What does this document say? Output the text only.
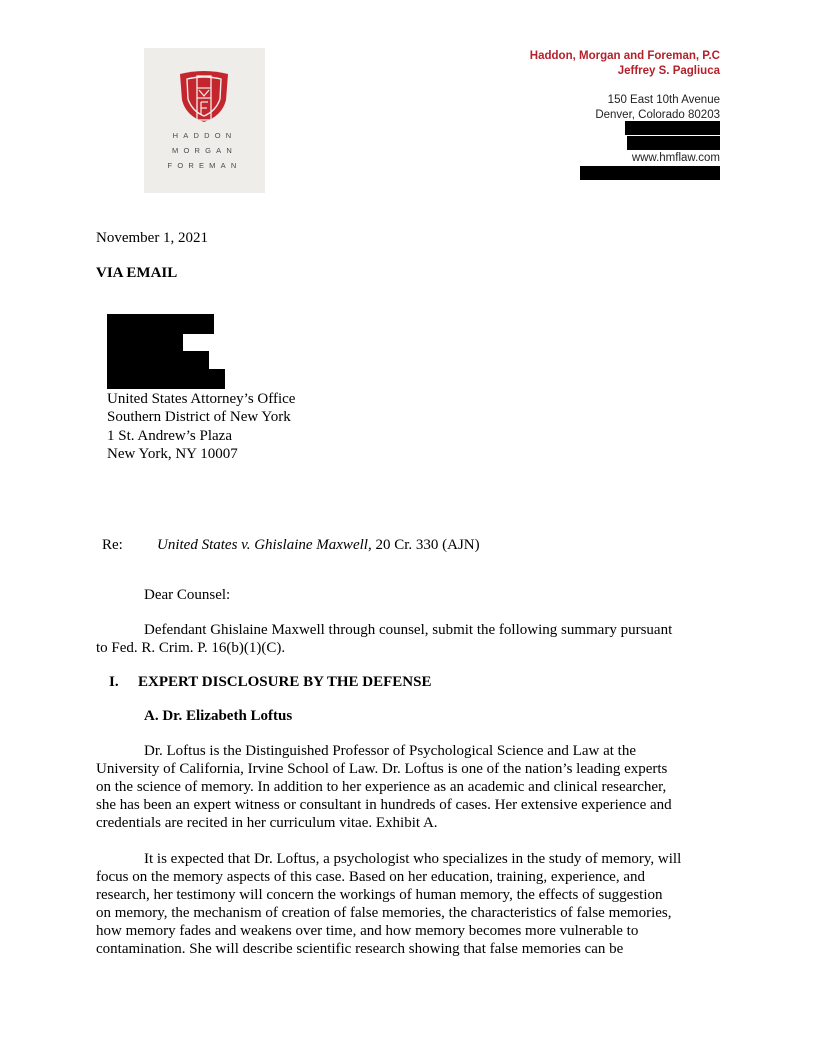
HADDON
MORGAN
FOREMAN
Haddon, Morgan and Foreman, P.C
Jeffrey S. Pagliuca
150 East 10th Avenue
Denver, Colorado 80203
www.hmflaw.com
November 1, 2021
VIA EMAIL
United States Attorney’s Office
Southern District of New York
1 St. Andrew’s Plaza
New York, NY 10007
Re: United States v. Ghislaine Maxwell, 20 Cr. 330 (AJN)
Dear Counsel:
Defendant Ghislaine Maxwell through counsel, submit the following summary pursuant
to Fed. R. Crim. P. 16(b)(1)(C).
I. EXPERT DISCLOSURE BY THE DEFENSE
A. Dr. Elizabeth Loftus
Dr. Loftus is the Distinguished Professor of Psychological Science and Law at the
University of California, Irvine School of Law. Dr. Loftus is one of the nation’s leading experts
on the science of memory. In addition to her experience as an academic and clinical researcher,
she has been an expert witness or consultant in hundreds of cases. Her extensive experience and
credentials are recited in her curriculum vitae. Exhibit A.
It is expected that Dr. Loftus, a psychologist who specializes in the study of memory, will
focus on the memory aspects of this case. Based on her education, training, experience, and
research, her testimony will concern the workings of human memory, the effects of suggestion
on memory, the mechanism of creation of false memories, the characteristics of false memories,
how memory fades and weakens over time, and how memory becomes more vulnerable to
contamination. She will describe scientific research showing that false memories can be
